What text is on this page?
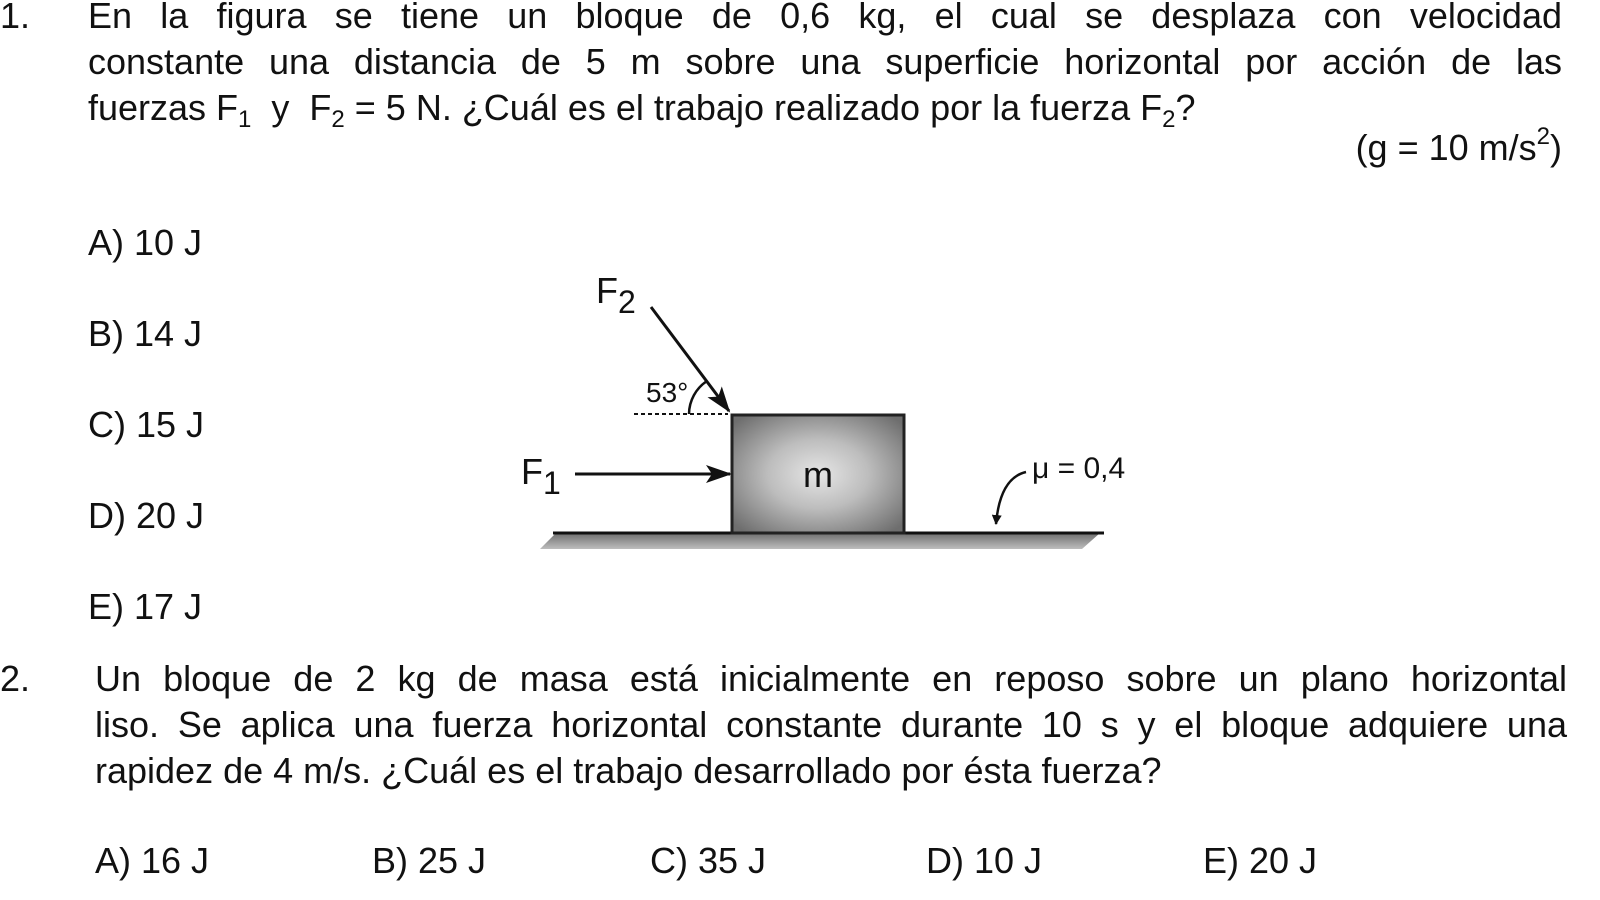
1. En la figura se tiene un bloque de 0,6 kg, el cual se desplaza con velocidad
constante una distancia de 5 m sobre una superficie horizontal por acción de las
fuerzas $F_1$  y  $F_2 = 5$ N. ¿Cuál es el trabajo realizado por la fuerza $F_2$?
(g = 10 $m/s^2$)
A) 10 J
B) 14 J
C) 15 J
D) 20 J
E) 17 J
m
F2
53°
F1	μ = 0,4
2. Un bloque de 2 kg de masa está inicialmente en reposo sobre un plano horizontal
liso. Se aplica una fuerza horizontal constante durante 10 s y el bloque adquiere una
rapidez de 4 m/s. ¿Cuál es el trabajo desarrollado por ésta fuerza?
A) 16 J	B) 25 J	C) 35 J	D) 10 J	E) 20 J
